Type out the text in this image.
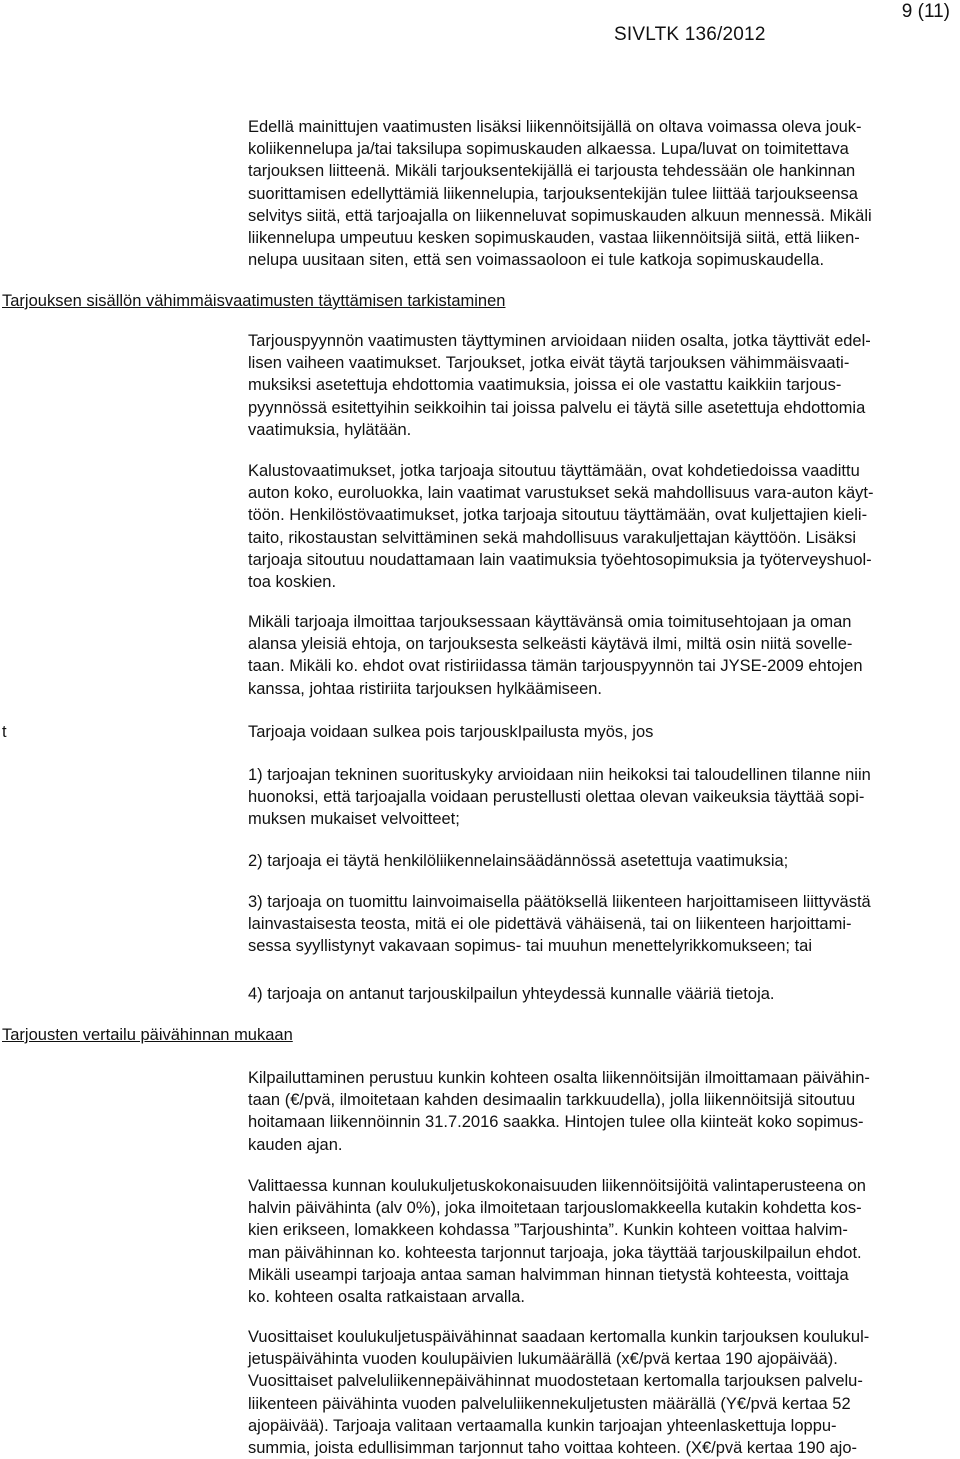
9 (11)
SIVLTK 136/2012
Edellä mainittujen vaatimusten lisäksi liikennöitsijällä on oltava voimassa oleva jouk-
koliikennelupa ja/tai taksilupa sopimuskauden alkaessa. Lupa/luvat on toimitettava
tarjouksen liitteenä. Mikäli tarjouksentekijällä ei tarjousta tehdessään ole hankinnan
suorittamisen edellyttämiä liikennelupia, tarjouksentekijän tulee liittää tarjoukseensa
selvitys siitä, että tarjoajalla on liikenneluvat sopimuskauden alkuun mennessä. Mikäli
liikennelupa umpeutuu kesken sopimuskauden, vastaa liikennöitsijä siitä, että liiken-
nelupa uusitaan siten, että sen voimassaoloon ei tule katkoja sopimuskaudella.
Tarjouksen sisällön vähimmäisvaatimusten täyttämisen tarkistaminen
Tarjouspyynnön vaatimusten täyttyminen arvioidaan niiden osalta, jotka täyttivät edel-
lisen vaiheen vaatimukset. Tarjoukset, jotka eivät täytä tarjouksen vähimmäisvaati-
muksiksi asetettuja ehdottomia vaatimuksia, joissa ei ole vastattu kaikkiin tarjous-
pyynnössä esitettyihin seikkoihin tai joissa palvelu ei täytä sille asetettuja ehdottomia
vaatimuksia, hylätään.
Kalustovaatimukset, jotka tarjoaja sitoutuu täyttämään, ovat kohdetiedoissa vaadittu
auton koko, euroluokka, lain vaatimat varustukset sekä mahdollisuus vara-auton käyt-
töön. Henkilöstövaatimukset, jotka tarjoaja sitoutuu täyttämään, ovat kuljettajien kieli-
taito, rikostaustan selvittäminen sekä mahdollisuus varakuljettajan käyttöön. Lisäksi
tarjoaja sitoutuu noudattamaan lain vaatimuksia työehtosopimuksia ja työterveyshuol-
toa koskien.
Mikäli tarjoaja ilmoittaa tarjouksessaan käyttävänsä omia toimitusehtojaan ja oman
alansa yleisiä ehtoja, on tarjouksesta selkeästi käytävä ilmi, miltä osin niitä sovelle-
taan. Mikäli ko. ehdot ovat ristiriidassa tämän tarjouspyynnön tai JYSE-2009 ehtojen
kanssa, johtaa ristiriita tarjouksen hylkäämiseen.
t	Tarjoaja voidaan sulkea pois tarjouskIpailusta myös, jos
1) tarjoajan tekninen suorituskyky arvioidaan niin heikoksi tai taloudellinen tilanne niin
huonoksi, että tarjoajalla voidaan perustellusti olettaa olevan vaikeuksia täyttää sopi-
muksen mukaiset velvoitteet;
2) tarjoaja ei täytä henkilöliikennelainsäädännössä asetettuja vaatimuksia;
3) tarjoaja on tuomittu lainvoimaisella päätöksellä liikenteen harjoittamiseen liittyvästä
lainvastaisesta teosta, mitä ei ole pidettävä vähäisenä, tai on liikenteen harjoittami-
sessa syyllistynyt vakavaan sopimus- tai muuhun menettelyrikkomukseen; tai
4) tarjoaja on antanut tarjouskilpailun yhteydessä kunnalle vääriä tietoja.
Tarjousten vertailu päivähinnan mukaan
Kilpailuttaminen perustuu kunkin kohteen osalta liikennöitsijän ilmoittamaan päivähin-
taan (€/pvä, ilmoitetaan kahden desimaalin tarkkuudella), jolla liikennöitsijä sitoutuu
hoitamaan liikennöinnin 31.7.2016 saakka. Hintojen tulee olla kiinteät koko sopimus-
kauden ajan.
Valittaessa kunnan koulukuljetuskokonaisuuden liikennöitsijöitä valintaperusteena on
halvin päivähinta (alv 0%), joka ilmoitetaan tarjouslomakkeella kutakin kohdetta kos-
kien erikseen, lomakkeen kohdassa ”Tarjoushinta”. Kunkin kohteen voittaa halvim-
man päivähinnan ko. kohteesta tarjonnut tarjoaja, joka täyttää tarjouskilpailun ehdot.
Mikäli useampi tarjoaja antaa saman halvimman hinnan tietystä kohteesta, voittaja
ko. kohteen osalta ratkaistaan arvalla.
Vuosittaiset koulukuljetuspäivähinnat saadaan kertomalla kunkin tarjouksen koulukul-
jetuspäivähinta vuoden koulupäivien lukumäärällä (x€/pvä kertaa 190 ajopäivää).
Vuosittaiset palveluliikennepäivähinnat muodostetaan kertomalla tarjouksen palvelu-
liikenteen päivähinta vuoden palveluliikennekuljetusten määrällä (Y€/pvä kertaa 52
ajopäivää). Tarjoaja valitaan vertaamalla kunkin tarjoajan yhteenlaskettuja loppu-
summia, joista edullisimman tarjonnut taho voittaa kohteen. (X€/pvä kertaa 190 ajo-
